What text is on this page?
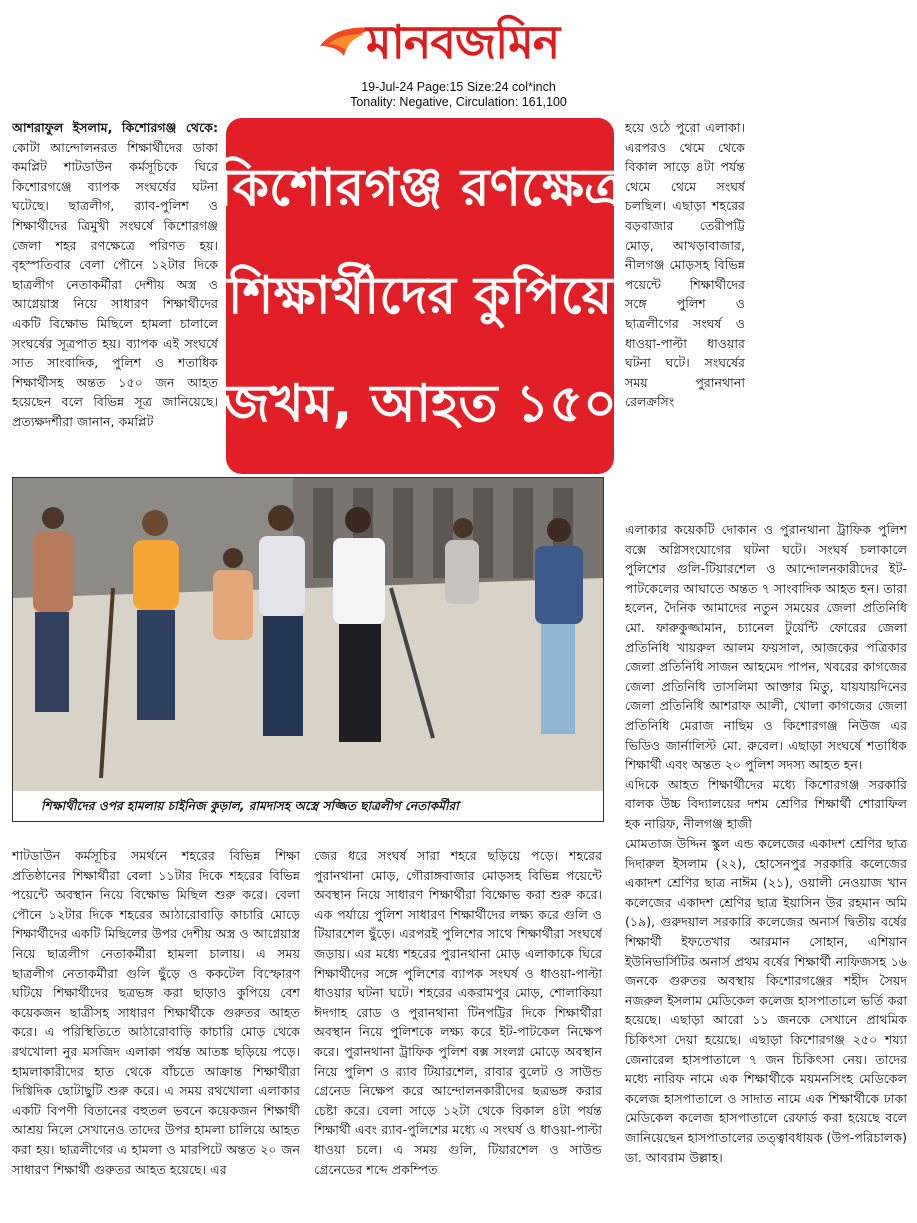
মানবজমিন
19-Jul-24 Page:15 Size:24 col*inch
Tonality: Negative, Circulation: 161,100

আশরাফুল ইসলাম, কিশোরগঞ্জ থেকে: কোটা আন্দোলনরত শিক্ষার্থীদের ডাকা কমপ্লিট শাটডাউন কর্মসূচিকে ঘিরে কিশোরগঞ্জে ব্যাপক সংঘর্ষের ঘটনা ঘটেছে। ছাত্রলীগ, র‌্যাব-পুলিশ ও শিক্ষার্থীদের ত্রিমুখী সংঘর্ষে কিশোরগঞ্জ জেলা শহর রণক্ষেত্রে পরিণত হয়। বৃহস্পতিবার বেলা পৌনে ১২টার দিকে ছাত্রলীগ নেতাকর্মীরা দেশীয় অস্ত্র ও আগ্নেয়াস্ত্র নিয়ে সাধারণ শিক্ষার্থীদের একটি বিক্ষোভ মিছিলে হামলা চালালে সংঘর্ষের সূত্রপাত হয়। ব্যাপক এই সংঘর্ষে সাত সাংবাদিক, পুলিশ ও শতাধিক শিক্ষার্থীসহ অন্তত ১৫০ জন আহত হয়েছেন বলে বিভিন্ন সূত্র জানিয়েছে। প্রত্যক্ষদর্শীরা জানান, কমপ্লিট

কিশোরগঞ্জ রণক্ষেত্র
শিক্ষার্থীদের কুপিয়ে
জখম, আহত ১৫০

হয়ে ওঠে পুরো এলাকা। এরপরও থেমে থেকে বিকাল সাড়ে ৪টা পর্যন্ত থেমে থেমে সংঘর্ষ চলছিল। এছাড়া শহরের বড়বাজার তেরীপট্টি মোড়, আখড়াবাজার, নীলগঞ্জ মোড়সহ বিভিন্ন পয়েন্টে শিক্ষার্থীদের সঙ্গে পুলিশ ও ছাত্রলীগের সংঘর্ষ ও ধাওয়া-পাল্টা ধাওয়ার ঘটনা ঘটে। সংঘর্ষের সময় পুরানথানা রেলক্রসিং

এলাকার কয়েকটি দোকান ও পুরানথানা ট্রাফিক পুলিশ বক্সে অগ্নিসংযোগের ঘটনা ঘটে। সংঘর্ষ চলাকালে পুলিশের গুলি-টিয়ারশেল ও আন্দোলনকারীদের ইট-পাটকেলের আঘাতে অন্তত ৭ সাংবাদিক আহত হন। তারা হলেন, দৈনিক আমাদের নতুন সময়ের জেলা প্রতিনিধি মো. ফারুকুজ্জামান, চ্যানেল টুয়েন্টি ফোরের জেলা প্রতিনিধি খায়রুল আলম ফয়সাল, আজকের পত্রিকার জেলা প্রতিনিধি সাজন আহমেদ পাপন, খবরের কাগজের জেলা প্রতিনিধি তাসলিমা আক্তার মিতু, যায়যায়দিনের জেলা প্রতিনিধি আশরাফ আলী, খোলা কাগজের জেলা প্রতিনিধি মেরাজ নাছিম ও কিশোরগঞ্জ নিউজ এর ভিডিও জার্নালিস্ট মো. রুবেল। এছাড়া সংঘর্ষে শতাধিক শিক্ষার্থী এবং অন্তত ২০ পুলিশ সদস্য আহত হন।

এদিকে আহত শিক্ষার্থীদের মধ্যে কিশোরগঞ্জ সরকারি বালক উচ্চ বিদ্যালয়ের দশম শ্রেণির শিক্ষার্থী শোরাফিল হক নারিফ, নীলগঞ্জ হাজী

শিক্ষার্থীদের ওপর হামলায় চাইনিজ কুড়াল, রামদাসহ অস্ত্রে সজ্জিত ছাত্রলীগ নেতাকর্মীরা

শাটডাউন কর্মসূচির সমর্থনে শহরের বিভিন্ন শিক্ষা প্রতিষ্ঠানের শিক্ষার্থীরা বেলা ১১টার দিকে শহরের বিভিন্ন পয়েন্টে অবস্থান নিয়ে বিক্ষোভ মিছিল শুরু করে। বেলা পৌনে ১২টার দিকে শহরের আঠারোবাড়ি কাচারি মোড়ে শিক্ষার্থীদের একটি মিছিলের উপর দেশীয় অস্ত্র ও আগ্নেয়াস্ত্র নিয়ে ছাত্রলীগ নেতাকর্মীরা হামলা চালায়। এ সময় ছাত্রলীগ নেতাকর্মীরা গুলি ছুঁড়ে ও ককটেল বিস্ফোরণ ঘটিয়ে শিক্ষার্থীদের ছত্রভঙ্গ করা ছাড়াও কুপিয়ে বেশ কয়েকজন ছাত্রীসহ সাধারণ শিক্ষার্থীকে গুরুতর আহত করে। এ পরিস্থিতিতে আঠারোবাড়ি কাচারি মোড় থেকে রথখোলা নুর মসজিদ এলাকা পর্যন্ত আতঙ্ক ছড়িয়ে পড়ে। হামলাকারীদের হাত থেকে বাঁচতে আক্রান্ত শিক্ষার্থীরা দিগ্বিদিক ছোটাছুটি শুরু করে। এ সময় রথখোলা এলাকার একটি বিপণী বিতানের বহুতল ভবনে কয়েকজন শিক্ষার্থী আশ্রয় নিলে সেখানেও তাদের উপর হামলা চালিয়ে আহত করা হয়। ছাত্রলীগের এ হামলা ও মারপিটে অন্তত ২০ জন সাধারণ শিক্ষার্থী গুরুতর আহত হয়েছে। এর

জের ধরে সংঘর্ষ সারা শহরে ছড়িয়ে পড়ে। শহরের পুরানথানা মোড়, গৌরাঙ্গবাজার মোড়সহ বিভিন্ন পয়েন্টে অবস্থান নিয়ে সাধারণ শিক্ষার্থীরা বিক্ষোভ করা শুরু করে। এক পর্যায়ে পুলিশ সাধারণ শিক্ষার্থীদের লক্ষ্য করে গুলি ও টিয়ারশেল ছুঁড়ে। এরপরই পুলিশের সাথে শিক্ষার্থীরা সংঘর্ষে জড়ায়। এর মধ্যে শহরের পুরানথানা মোড় এলাকাকে ঘিরে শিক্ষার্থীদের সঙ্গে পুলিশের ব্যাপক সংঘর্ষ ও ধাওয়া-পাল্টা ধাওয়ার ঘটনা ঘটে। শহরের একরামপুর মোড়, শোলাকিয়া ঈদগাহ রোড ও পুরানথানা টিনপট্টির দিকে শিক্ষার্থীরা অবস্থান নিয়ে পুলিশকে লক্ষ্য করে ইট-পাটকেল নিক্ষেপ করে। পুরানথানা ট্রাফিক পুলিশ বক্স সংলগ্ন মোড়ে অবস্থান নিয়ে পুলিশ ও র‌্যাব টিয়ারশেল, রাবার বুলেট ও সাউন্ড গ্রেনেড নিক্ষেপ করে আন্দোলনকারীদের ছত্রভঙ্গ করার চেষ্টা করে। বেলা সাড়ে ১২টা থেকে বিকাল ৪টা পর্যন্ত শিক্ষার্থী এবং র‌্যাব-পুলিশের মধ্যে এ সংঘর্ষ ও ধাওয়া-পাল্টা ধাওয়া চলে। এ সময় গুলি, টিয়ারশেল ও সাউন্ড গ্রেনেডের শব্দে প্রকম্পিত

মোমতাজ উদ্দিন স্কুল এন্ড কলেজের একাদশ শ্রেণির ছাত্র দিদারুল ইসলাম (২২), হোসেনপুর সরকারি কলেজের একাদশ শ্রেণির ছাত্র নাঈম (২১), ওয়ালী নেওয়াজ খান কলেজের একাদশ শ্রেণির ছাত্র ইয়াসিন উর রহমান অমি (১৯), গুরুদয়াল সরকারি কলেজের অনার্স দ্বিতীয় বর্ষের শিক্ষার্থী ইফতেখার আরমান সোহান, এশিয়ান ইউনিভার্সিটির অনার্স প্রথম বর্ষের শিক্ষার্থী নাফিজসহ ১৬ জনকে গুরুতর অবস্থায় কিশোরগঞ্জের শহীদ সৈয়দ নজরুল ইসলাম মেডিকেল কলেজ হাসপাতালে ভর্তি করা হয়েছে। এছাড়া আরো ১১ জনকে সেখানে প্রাথমিক চিকিৎসা দেয়া হয়েছে। এছাড়া কিশোরগঞ্জ ২৫০ শয্যা জেনারেল হাসপাতালে ৭ জন চিকিৎসা নেয়। তাদের মধ্যে নারিফ নামে এক শিক্ষার্থীকে ময়মনসিংহ মেডিকেল কলেজ হাসপাতালে ও সাদাত নামে এক শিক্ষার্থীকে ঢাকা মেডিকেল কলেজ হাসপাতালে রেফার্ড করা হয়েছে বলে জানিয়েছেন হাসপাতালের তত্ত্বাবধায়ক (উপ-পরিচালক) ডা. আবরাম উল্লাহ।
